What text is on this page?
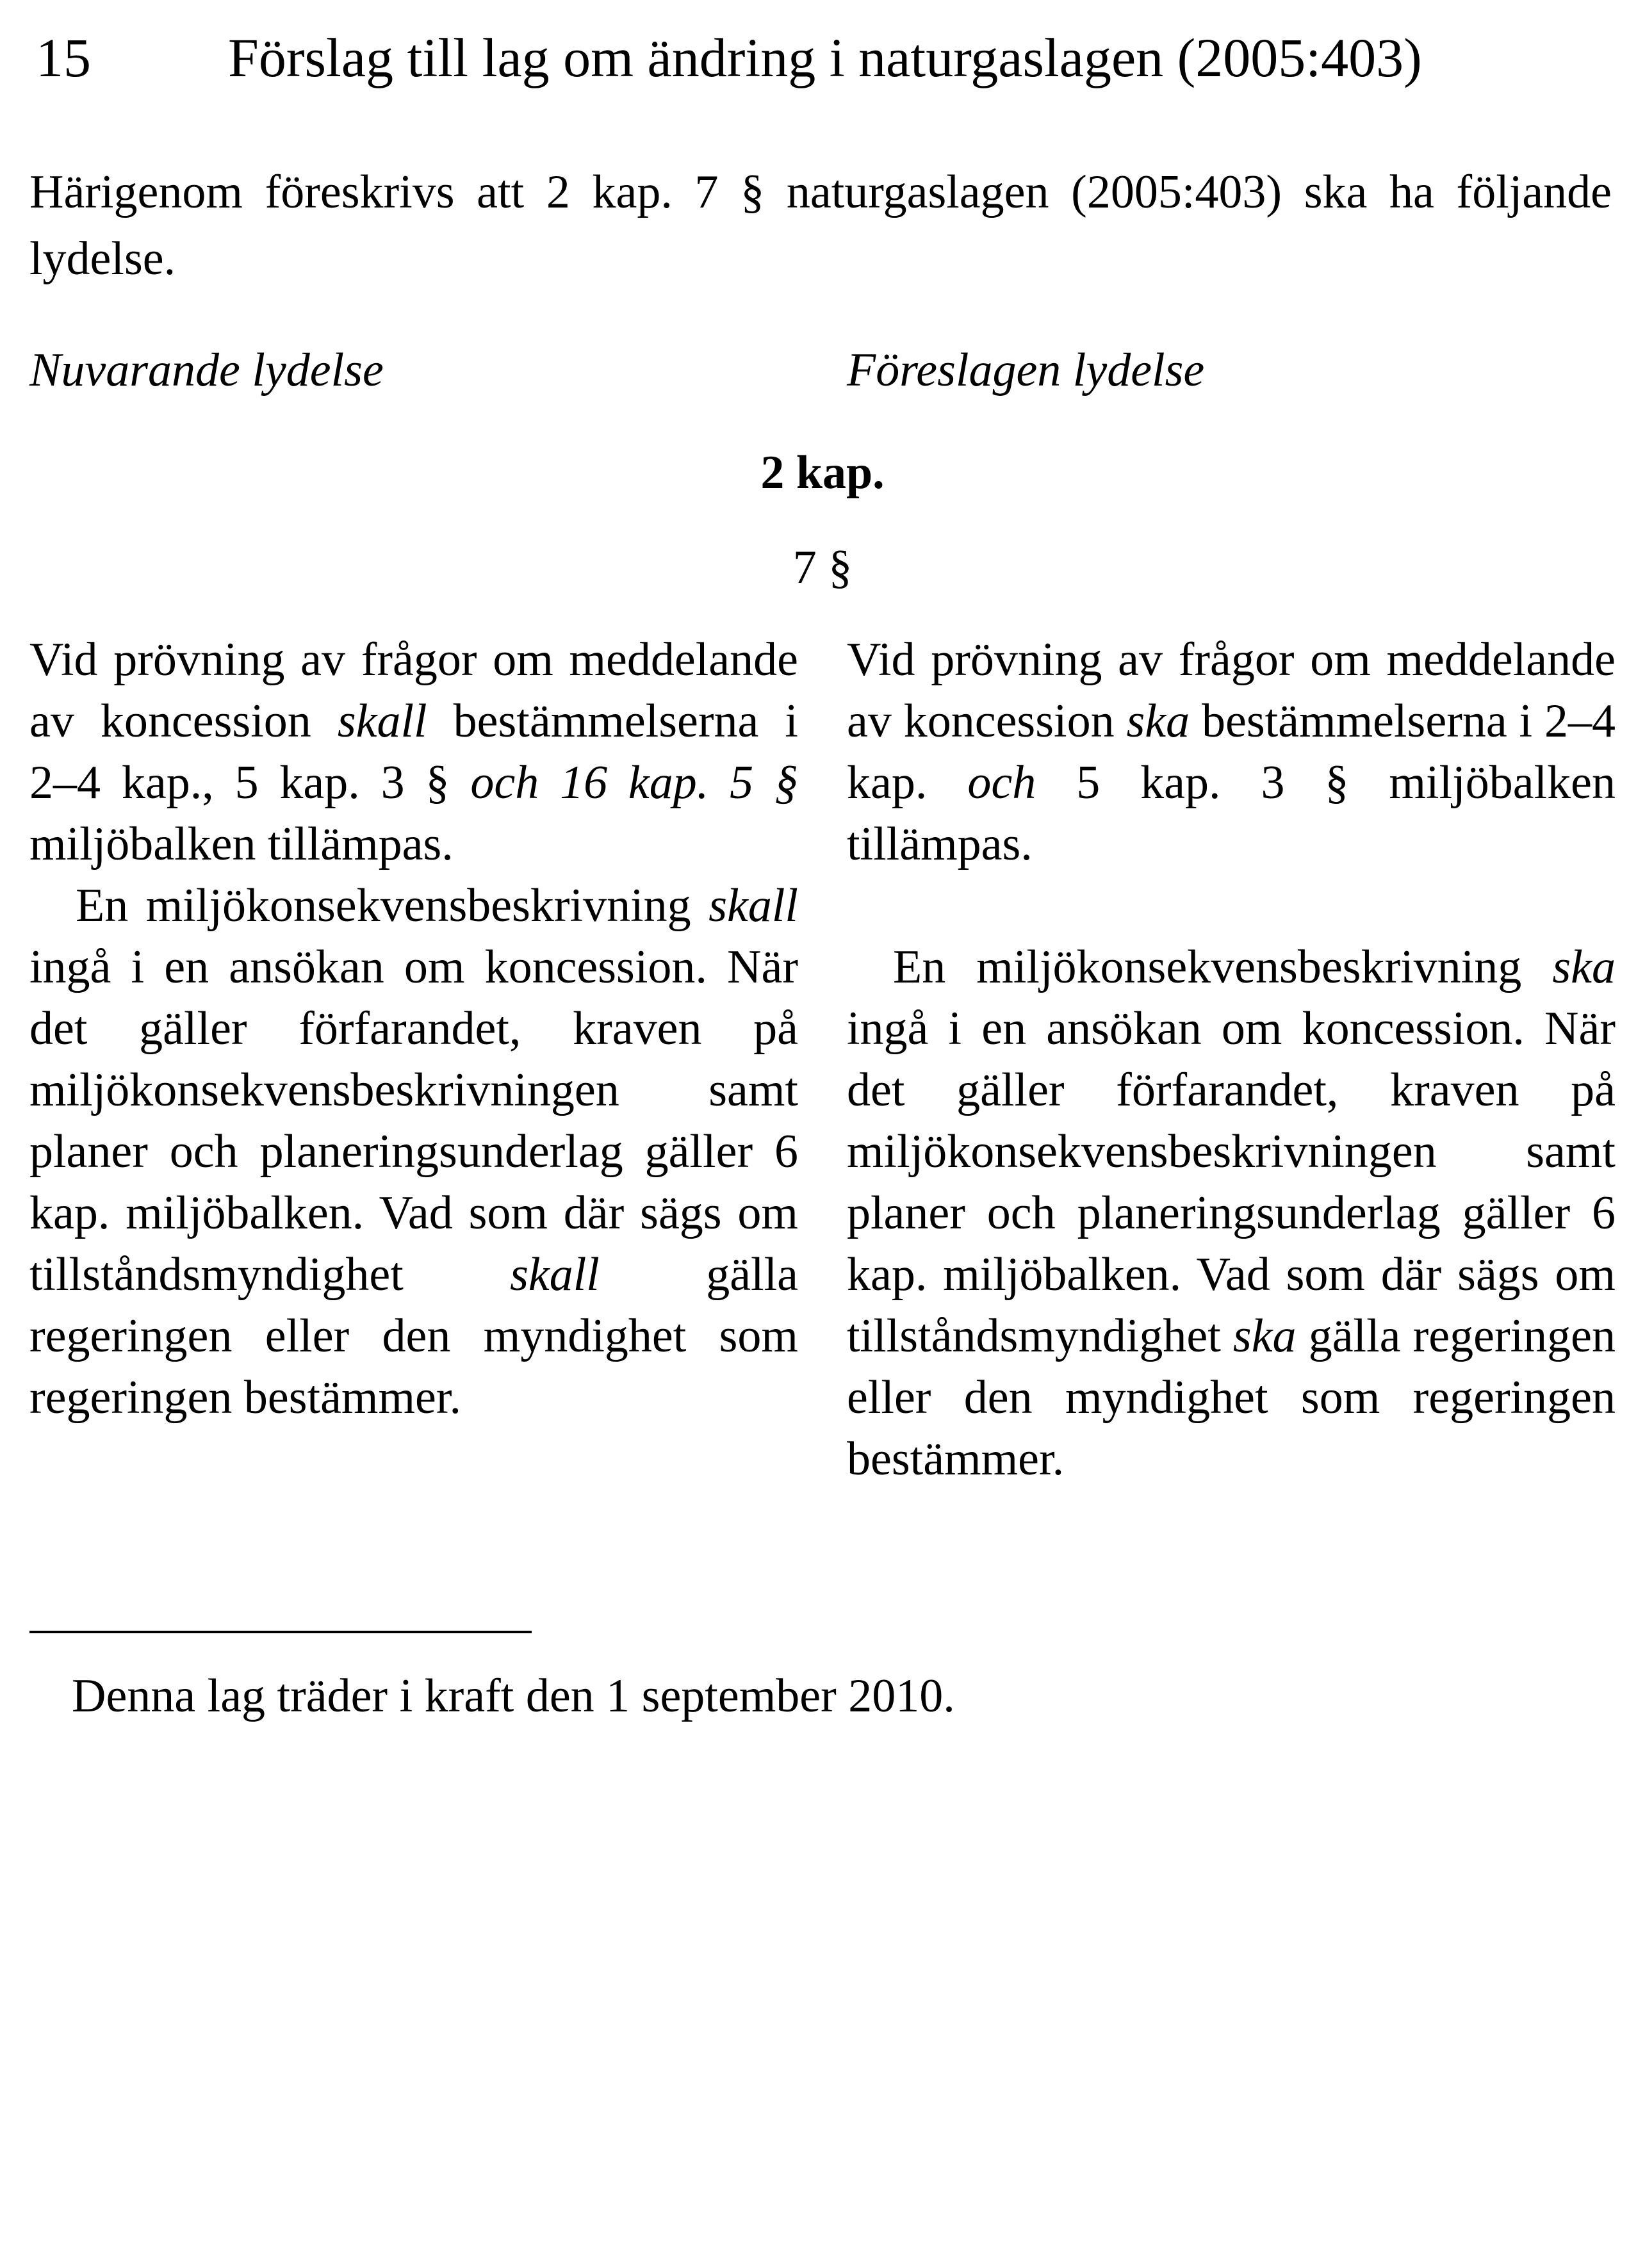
15 Förslag till lag om ändring i naturgaslagen (2005:403)
Härigenom föreskrivs att 2 kap. 7 § naturgaslagen (2005:403) ska ha följande lydelse.
Nuvarande lydelse	Föreslagen lydelse
2 kap.
7 §

Vid prövning av frågor om meddelande av koncession skall bestämmelserna i 2–4 kap., 5 kap. 3 § och 16 kap. 5 § miljöbalken tillämpas.

En miljökonsekvensbeskrivning skall ingå i en ansökan om koncession. När det gäller förfarandet, kraven på miljökonsekvensbeskrivningen samt planer och planeringsunderlag gäller 6 kap. miljöbalken. Vad som där sägs om tillståndsmyndighet skall gälla regeringen eller den myndighet som regeringen bestämmer.

Vid prövning av frågor om meddelande av koncession ska bestämmelserna i 2–4 kap. och 5 kap. 3 § miljöbalken tillämpas.

En miljökonsekvensbeskrivning ska ingå i en ansökan om koncession. När det gäller förfarandet, kraven på miljökonsekvensbeskrivningen samt planer och planeringsunderlag gäller 6 kap. miljöbalken. Vad som där sägs om tillståndsmyndighet ska gälla regeringen eller den myndighet som regeringen bestämmer.

Denna lag träder i kraft den 1 september 2010.
